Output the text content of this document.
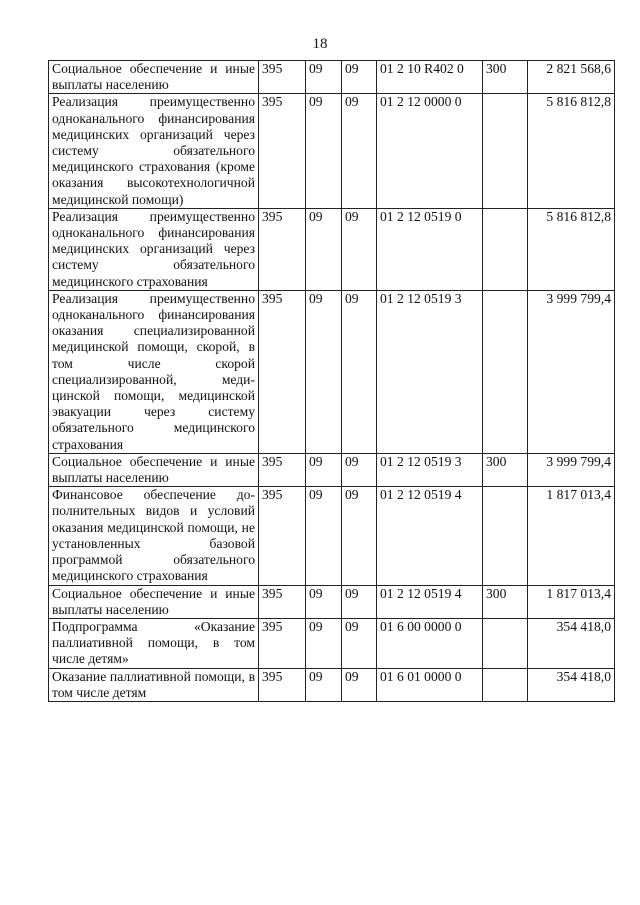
18
Социальное обеспечение и иные выплаты населению	395	09	09	01 2 10 R402 0	300	2 821 568,6
Реализация преимущественно одноканального финансирования медицинских организаций через систему обязательного медицинского страхования (кроме оказания высокотехнологичной медицинской помощи)	395	09	09	01 2 12 0000 0		5 816 812,8
Реализация преимущественно одноканального финансирования медицинских организаций через систему обязательного медицинского страхования	395	09	09	01 2 12 0519 0		5 816 812,8
Реализация преимущественно одноканального финансирования оказания специализированной медицинской помощи, скорой, в том числе скорой специализированной, медицинской помощи, медицинской эвакуации через систему обязательного медицинского страхования	395	09	09	01 2 12 0519 3		3 999 799,4
Социальное обеспечение и иные выплаты населению	395	09	09	01 2 12 0519 3	300	3 999 799,4
Финансовое обеспечение дополнительных видов и условий оказания медицинской помощи, не установленных базовой программой обязательного медицинского страхования	395	09	09	01 2 12 0519 4		1 817 013,4
Социальное обеспечение и иные выплаты населению	395	09	09	01 2 12 0519 4	300	1 817 013,4
Подпрограмма «Оказание паллиативной помощи, в том числе детям»	395	09	09	01 6 00 0000 0		354 418,0
Оказание паллиативной помощи, в том числе детям	395	09	09	01 6 01 0000 0		354 418,0
